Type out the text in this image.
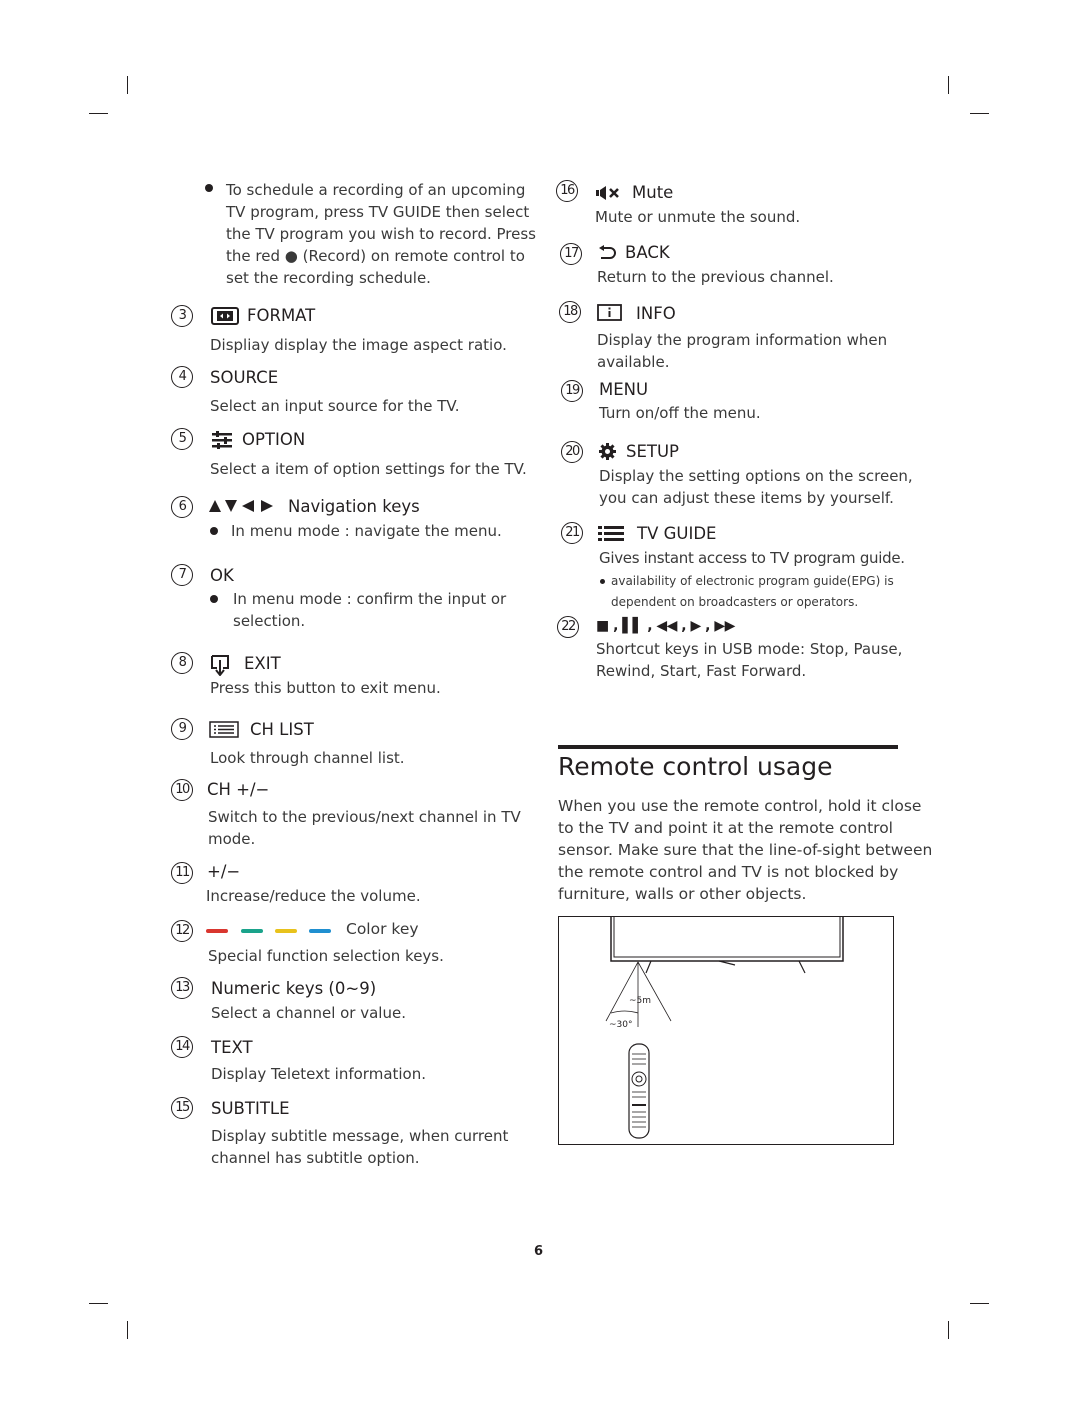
To schedule a recording of an upcoming
TV program, press TV GUIDE then select
the TV program you wish to record. Press
the red ● (Record) on remote control to
set the recording schedule.
3	FORMAT
Displiay display the image aspect ratio.
4	SOURCE
Select an input source for the TV.
5	OPTION
Select a item of option settings for the TV.
6	Navigation keys
In menu mode : navigate the menu.
7	OK
In menu mode : confirm the input or
selection.
8	EXIT
Press this button to exit menu.
9	CH LIST
Look through channel list.
10 CH +/−
Switch to the previous/next channel in TV
mode.
11 +/−
Increase/reduce the volume.
12	Color key
Special function selection keys.
13 Numeric keys (0~9)
Select a channel or value.
14 TEXT
Display Teletext information.
15 SUBTITLE
Display subtitle message, when current
channel has subtitle option.
16	Mute
Mute or unmute the sound.
17	BACK
Return to the previous channel.
18	INFO
Display the program information when
available.
19 MENU
Turn on/off the menu.
20	SETUP
Display the setting options on the screen,
you can adjust these items by yourself.
21	TV GUIDE
Gives instant access to TV program guide.
availability of electronic program guide(EPG) is
dependent on broadcasters or operators.
22	■ , ▌▌ , ◀◀ , ▶ , ▶▶
Shortcut keys in USB mode: Stop, Pause,
Rewind, Start, Fast Forward.
Remote control usage
When you use the remote control, hold it close
to the TV and point it at the remote control
sensor. Make sure that the line-of-sight between
the remote control and TV is not blocked by
furniture, walls or other objects.
~5m
~30°
6
